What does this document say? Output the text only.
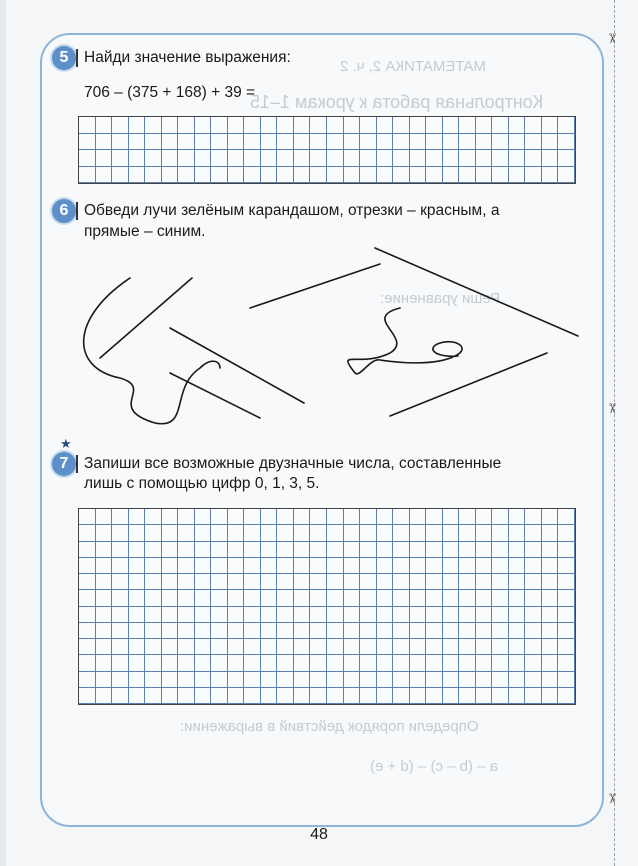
✂
✂
✂
МАТЕМАТИКА 2, ч. 2
Контрольная работа к урокам 1–15
Реши уравнение:
Определи порядок действий в выражении:
a – (b – c) – (d + e)
5	Найди значение выражения:
706 – (375 + 168) + 39 =
6	Обведи лучи зелёным карандашом, отрезки – красным, а
прямые – синим.
★
7	Запиши все возможные двузначные числа, составленные
лишь с помощью цифр 0, 1, 3, 5.
48
